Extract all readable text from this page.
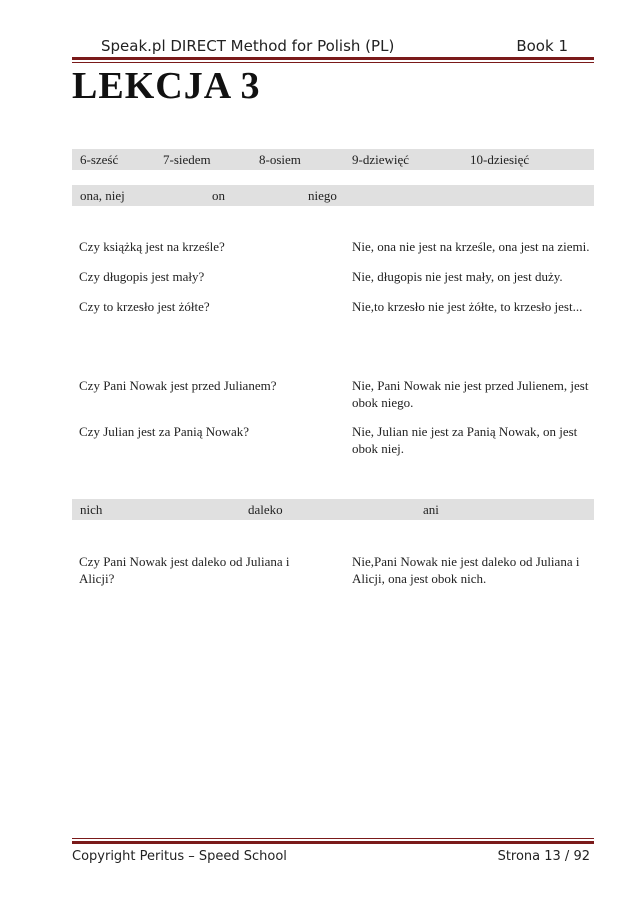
Speak.pl DIRECT Method for Polish (PL)	Book 1
LEKCJA 3
6-sześć	7-siedem	8-osiem	9-dziewięć	10-dziesięć
ona, niej	on	niego
Czy książką jest na krześle?	Nie, ona nie jest na krześle, ona jest na ziemi.
Czy długopis jest mały?	Nie, długopis nie jest mały, on jest duży.
Czy to krzesło jest żółte?	Nie,to krzesło nie jest żółte, to krzesło jest...
Czy Pani Nowak jest przed Julianem?	Nie, Pani Nowak nie jest przed Julienem, jest obok niego.
Czy Julian jest za Panią Nowak?	Nie, Julian nie jest za Panią Nowak, on jest obok niej.
nich	daleko	ani
Czy Pani Nowak jest daleko od Juliana i Alicji?
Nie,Pani Nowak nie jest daleko od Juliana i Alicji, ona jest obok nich.
Copyright Peritus – Speed School	Strona 13 / 92
